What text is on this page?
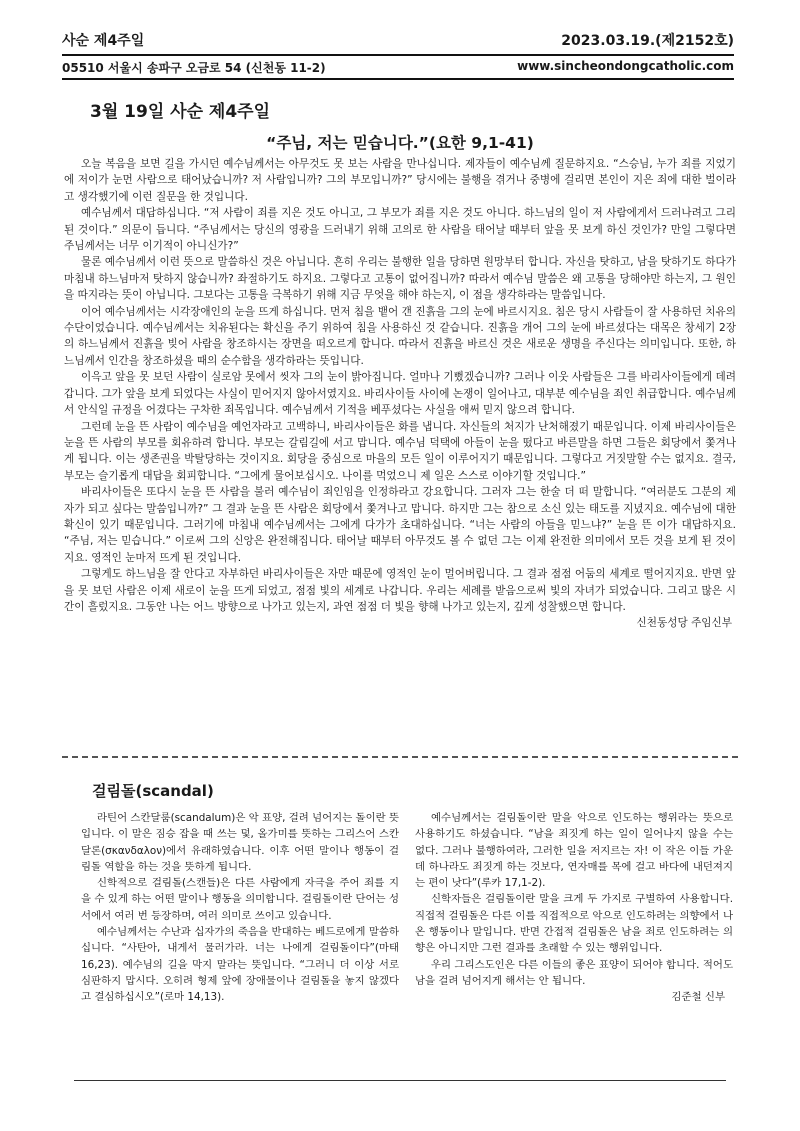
사순 제4주일	2023.03.19.(제2152호)
05510 서울시 송파구 오금로 54 (신천동 11-2)	www.sincheondongcatholic.com
3월 19일 사순 제4주일
“주님, 저는 믿습니다.”(요한 9,1-41)

오늘 복음을 보면 길을 가시던 예수님께서는 아무것도 못 보는 사람을 만나십니다. 제자들이 예수님께 질문하지요. “스승님, 누가 죄를 지었기에 저이가 눈먼 사람으로 태어났습니까? 저 사람입니까? 그의 부모입니까?” 당시에는 불행을 겪거나 중병에 걸리면 본인이 지은 죄에 대한 벌이라고 생각했기에 이런 질문을 한 것입니다.

예수님께서 대답하십니다. “저 사람이 죄를 지은 것도 아니고, 그 부모가 죄를 지은 것도 아니다. 하느님의 일이 저 사람에게서 드러나려고 그리된 것이다.” 의문이 듭니다. “주님께서는 당신의 영광을 드러내기 위해 고의로 한 사람을 태어날 때부터 앞을 못 보게 하신 것인가? 만일 그렇다면 주님께서는 너무 이기적이 아니신가?”

물론 예수님께서 이런 뜻으로 말씀하신 것은 아닙니다. 흔히 우리는 불행한 일을 당하면 원망부터 합니다. 자신을 탓하고, 남을 탓하기도 하다가 마침내 하느님마저 탓하지 않습니까? 좌절하기도 하지요. 그렇다고 고통이 없어집니까? 따라서 예수님 말씀은 왜 고통을 당해야만 하는지, 그 원인을 따지라는 뜻이 아닙니다. 그보다는 고통을 극복하기 위해 지금 무엇을 해야 하는지, 이 점을 생각하라는 말씀입니다.

이어 예수님께서는 시각장애인의 눈을 뜨게 하십니다. 먼저 침을 뱉어 갠 진흙을 그의 눈에 바르시지요. 침은 당시 사람들이 잘 사용하던 치유의 수단이었습니다. 예수님께서는 치유된다는 확신을 주기 위하여 침을 사용하신 것 같습니다. 진흙을 개어 그의 눈에 바르셨다는 대목은 창세기 2장의 하느님께서 진흙을 빚어 사람을 창조하시는 장면을 떠오르게 합니다. 따라서 진흙을 바르신 것은 새로운 생명을 주신다는 의미입니다. 또한, 하느님께서 인간을 창조하셨을 때의 순수함을 생각하라는 뜻입니다.

이윽고 앞을 못 보던 사람이 실로암 못에서 씻자 그의 눈이 밝아집니다. 얼마나 기뻤겠습니까? 그러나 이웃 사람들은 그를 바리사이들에게 데려갑니다. 그가 앞을 보게 되었다는 사실이 믿어지지 않아서였지요. 바리사이들 사이에 논쟁이 일어나고, 대부분 예수님을 죄인 취급합니다. 예수님께서 안식일 규정을 어겼다는 구차한 죄목입니다. 예수님께서 기적을 베푸셨다는 사실을 애써 믿지 않으려 합니다.

그런데 눈을 뜬 사람이 예수님을 예언자라고 고백하니, 바리사이들은 화를 냅니다. 자신들의 처지가 난처해졌기 때문입니다. 이제 바리사이들은 눈을 뜬 사람의 부모를 회유하려 합니다. 부모는 갈림길에 서고 맙니다. 예수님 덕택에 아들이 눈을 떴다고 바른말을 하면 그들은 회당에서 쫓겨나게 됩니다. 이는 생존권을 박탈당하는 것이지요. 회당을 중심으로 마을의 모든 일이 이루어지기 때문입니다. 그렇다고 거짓말할 수는 없지요. 결국, 부모는 슬기롭게 대답을 회피합니다. “그에게 물어보십시오. 나이를 먹었으니 제 일은 스스로 이야기할 것입니다.”

바리사이들은 또다시 눈을 뜬 사람을 불러 예수님이 죄인임을 인정하라고 강요합니다. 그러자 그는 한술 더 떠 말합니다. “여러분도 그분의 제자가 되고 싶다는 말씀입니까?” 그 결과 눈을 뜬 사람은 회당에서 쫓겨나고 맙니다. 하지만 그는 참으로 소신 있는 태도를 지녔지요. 예수님에 대한 확신이 있기 때문입니다. 그러기에 마침내 예수님께서는 그에게 다가가 초대하십니다. “너는 사람의 아들을 믿느냐?” 눈을 뜬 이가 대답하지요. “주님, 저는 믿습니다.” 이로써 그의 신앙은 완전해집니다. 태어날 때부터 아무것도 볼 수 없던 그는 이제 완전한 의미에서 모든 것을 보게 된 것이지요. 영적인 눈마저 뜨게 된 것입니다.

그렇게도 하느님을 잘 안다고 자부하던 바리사이들은 자만 때문에 영적인 눈이 멀어버립니다. 그 결과 점점 어둠의 세계로 떨어지지요. 반면 앞을 못 보던 사람은 이제 새로이 눈을 뜨게 되었고, 점점 빛의 세계로 나갑니다. 우리는 세례를 받음으로써 빛의 자녀가 되었습니다. 그리고 많은 시간이 흘렀지요. 그동안 나는 어느 방향으로 나가고 있는지, 과연 점점 더 빛을 향해 나가고 있는지, 깊게 성찰했으면 합니다.
신천동성당 주임신부

걸림돌(scandal)

라틴어 스칸달룸(scandalum)은 악 표양, 걸려 넘어지는 돌이란 뜻입니다. 이 말은 짐승 잡을 때 쓰는 덫, 올가미를 뜻하는 그리스어 스칸달론(σκανδαλον)에서 유래하였습니다. 이후 어떤 말이나 행동이 걸림돌 역할을 하는 것을 뜻하게 됩니다.

신학적으로 걸림돌(스캔들)은 다른 사람에게 자극을 주어 죄를 지을 수 있게 하는 어떤 말이나 행동을 의미합니다. 걸림돌이란 단어는 성서에서 여러 번 등장하며, 여러 의미로 쓰이고 있습니다.

예수님께서는 수난과 십자가의 죽음을 반대하는 베드로에게 말씀하십니다. “사탄아, 내게서 물러가라. 너는 나에게 걸림돌이다”(마태 16,23). 예수님의 길을 막지 말라는 뜻입니다. “그러니 더 이상 서로 심판하지 맙시다. 오히려 형제 앞에 장애물이나 걸림돌을 놓지 않겠다고 결심하십시오”(로마 14,13).

예수님께서는 걸림돌이란 말을 악으로 인도하는 행위라는 뜻으로 사용하기도 하셨습니다. “남을 죄짓게 하는 일이 일어나지 않을 수는 없다. 그러나 불행하여라, 그러한 일을 저지르는 자! 이 작은 이들 가운데 하나라도 죄짓게 하는 것보다, 연자매를 목에 걸고 바다에 내던져지는 편이 낫다”(루카 17,1-2).

신학자들은 걸림돌이란 말을 크게 두 가지로 구별하여 사용합니다. 직접적 걸림돌은 다른 이를 직접적으로 악으로 인도하려는 의향에서 나온 행동이나 말입니다. 반면 간접적 걸림돌은 남을 죄로 인도하려는 의향은 아니지만 그런 결과를 초래할 수 있는 행위입니다.

우리 그리스도인은 다른 이들의 좋은 표양이 되어야 합니다. 적어도 남을 걸려 넘어지게 해서는 안 됩니다.

김준철 신부
